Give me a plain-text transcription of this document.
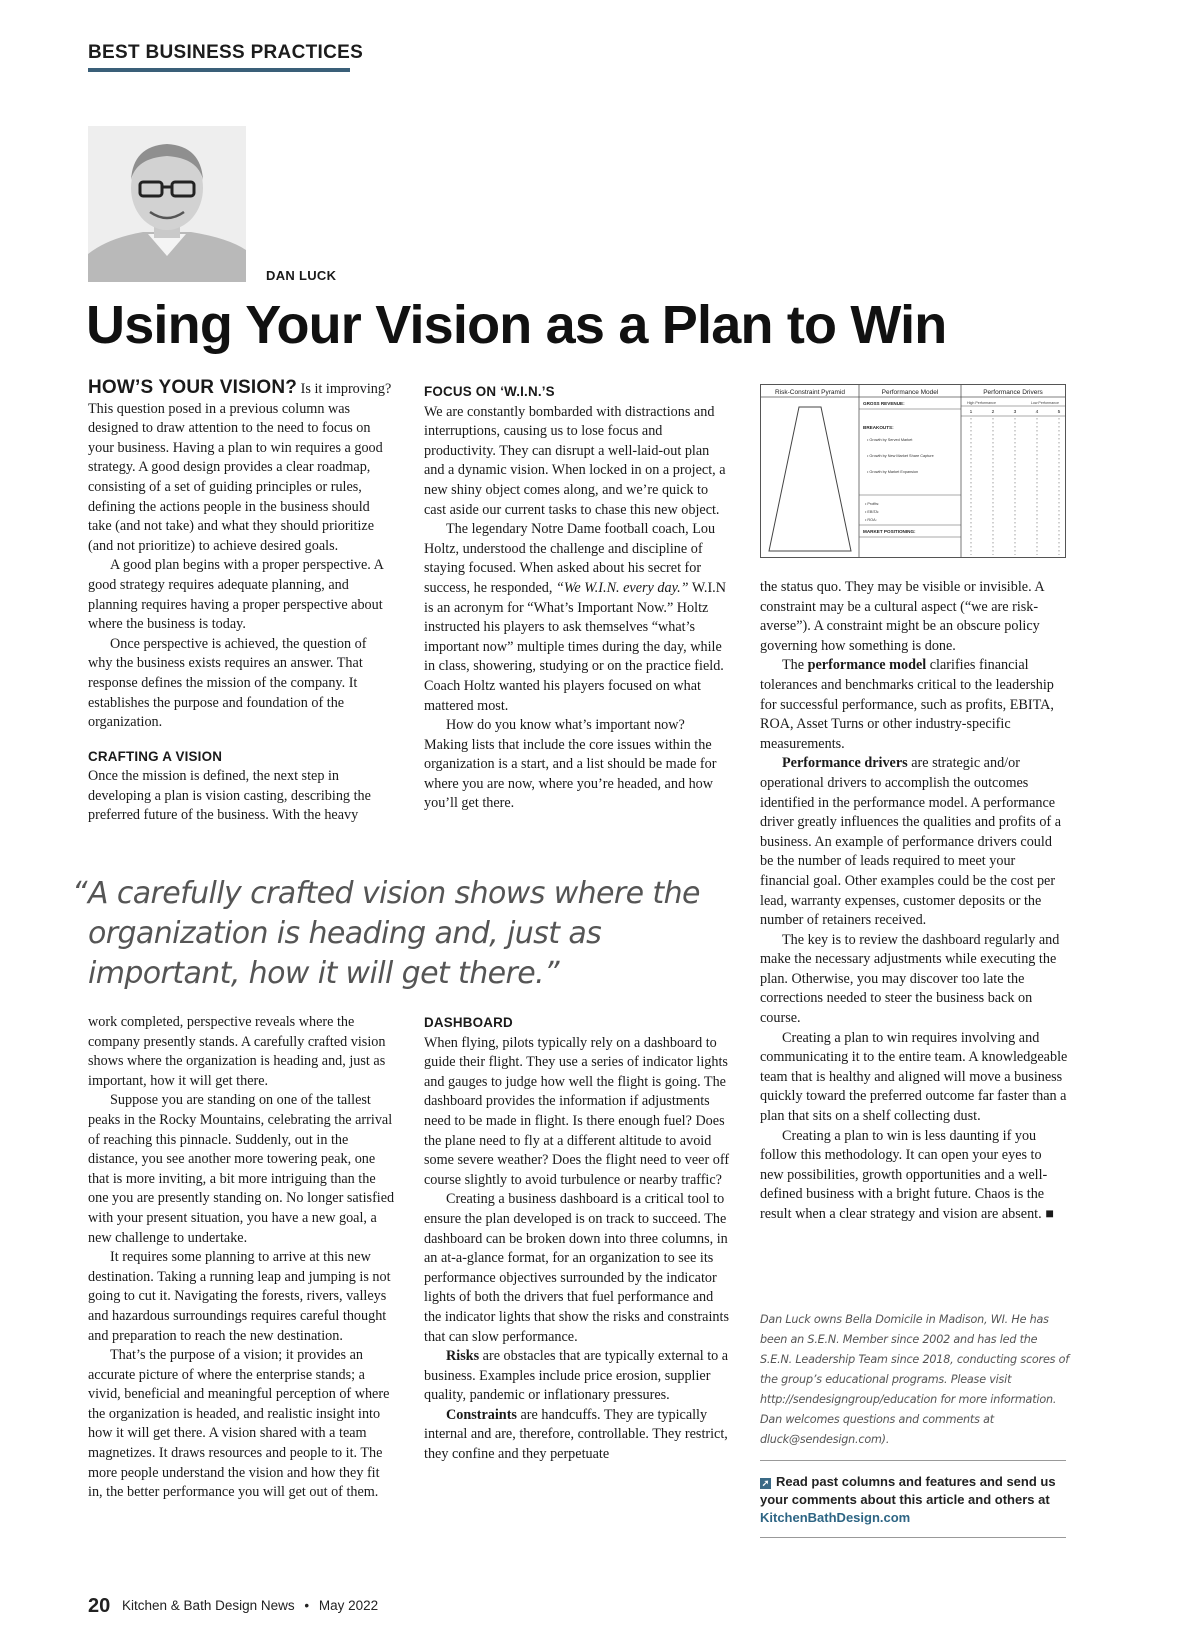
BEST BUSINESS PRACTICES
DAN LUCK
Using Your Vision as a Plan to Win

HOW’S YOUR VISION? Is it improving? This question posed in a previous column was designed to draw attention to the need to focus on your business. Having a plan to win requires a good strategy. A good design provides a clear roadmap, consisting of a set of guiding principles or rules, defining the actions people in the business should take (and not take) and what they should prioritize (and not prioritize) to achieve desired goals.

A good plan begins with a proper perspective. A good strategy requires adequate planning, and planning requires having a proper perspective about where the business is today.

Once perspective is achieved, the question of why the business exists requires an answer. That response defines the mission of the company. It establishes the purpose and foundation of the organization.

CRAFTING A VISION

Once the mission is defined, the next step in developing a plan is vision casting, describing the preferred future of the business. With the heavy

FOCUS ON ‘W.I.N.’S

We are constantly bombarded with distractions and interruptions, causing us to lose focus and productivity. They can disrupt a well-laid-out plan and a dynamic vision. When locked in on a project, a new shiny object comes along, and we’re quick to cast aside our current tasks to chase this new object.

The legendary Notre Dame football coach, Lou Holtz, understood the challenge and discipline of staying focused. When asked about his secret for success, he responded, “We W.I.N. every day.” W.I.N is an acronym for “What’s Important Now.” Holtz instructed his players to ask themselves “what’s important now” multiple times during the day, while in class, showering, studying or on the practice field. Coach Holtz wanted his players focused on what mattered most.

How do you know what’s important now? Making lists that include the core issues within the organization is a start, and a list should be made for where you are now, where you’re headed, and how you’ll get there.

“ A carefully crafted vision shows where the organization is heading and, just as important, how it will get there.”

work completed, perspective reveals where the company presently stands. A carefully crafted vision shows where the organization is heading and, just as important, how it will get there.

Suppose you are standing on one of the tallest peaks in the Rocky Mountains, celebrating the arrival of reaching this pinnacle. Suddenly, out in the distance, you see another more towering peak, one that is more inviting, a bit more intriguing than the one you are presently standing on. No longer satisfied with your present situation, you have a new goal, a new challenge to undertake.

It requires some planning to arrive at this new destination. Taking a running leap and jumping is not going to cut it. Navigating the forests, rivers, valleys and hazardous surroundings requires careful thought and preparation to reach the new destination.

That’s the purpose of a vision; it provides an accurate picture of where the enterprise stands; a vivid, beneficial and meaningful perception of where the organization is headed, and realistic insight into how it will get there. A vision shared with a team magnetizes. It draws resources and people to it. The more people understand the vision and how they fit in, the better performance you will get out of them.

DASHBOARD

When flying, pilots typically rely on a dashboard to guide their flight. They use a series of indicator lights and gauges to judge how well the flight is going. The dashboard provides the information if adjustments need to be made in flight. Is there enough fuel? Does the plane need to fly at a different altitude to avoid some severe weather? Does the flight need to veer off course slightly to avoid turbulence or nearby traffic?

Creating a business dashboard is a critical tool to ensure the plan developed is on track to succeed. The dashboard can be broken down into three columns, in an at-a-glance format, for an organization to see its performance objectives surrounded by the indicator lights of both the drivers that fuel performance and the indicator lights that show the risks and constraints that can slow performance.

Risks are obstacles that are typically external to a business. Examples include price erosion, supplier quality, pandemic or inflationary pressures.

Constraints are handcuffs. They are typically internal and are, therefore, controllable. They restrict, they confine and they perpetuate

Risk-Constraint Pyramid	Performance Model	Performance Drivers
GROSS REVENUE:
BREAKOUTS:
• Growth by Served Market
• Growth by New Market Share Capture
• Growth by Market Expansion
• Profits:
• EBITA:
• ROA:
MARKET POSITIONING:
High Performance	Low Performance
1	2	3	4	5

the status quo. They may be visible or invisible. A constraint may be a cultural aspect (“we are risk-averse”). A constraint might be an obscure policy governing how something is done.

The performance model clarifies financial tolerances and benchmarks critical to the leadership for successful performance, such as profits, EBITA, ROA, Asset Turns or other industry-specific measurements.

Performance drivers are strategic and/or operational drivers to accomplish the outcomes identified in the performance model. A performance driver greatly influences the qualities and profits of a business. An example of performance drivers could be the number of leads required to meet your financial goal. Other examples could be the cost per lead, warranty expenses, customer deposits or the number of retainers received.

The key is to review the dashboard regularly and make the necessary adjustments while executing the plan. Otherwise, you may discover too late the corrections needed to steer the business back on course.

Creating a plan to win requires involving and communicating it to the entire team. A knowledgeable team that is healthy and aligned will move a business quickly toward the preferred outcome far faster than a plan that sits on a shelf collecting dust.

Creating a plan to win is less daunting if you follow this methodology. It can open your eyes to new possibilities, growth opportunities and a well-defined business with a bright future. Chaos is the result when a clear strategy and vision are absent. ■

Dan Luck owns Bella Domicile in Madison, WI. He has been an S.E.N. Member since 2002 and has led the S.E.N. Leadership Team since 2018, conducting scores of the group’s educational programs. Please visit http://sendesigngroup/education for more information. Dan welcomes questions and comments at dluck@sendesign.com).
➚ Read past columns and features and send us your comments about this article and others at KitchenBathDesign.com
20 Kitchen & Bath Design News • May 2022
